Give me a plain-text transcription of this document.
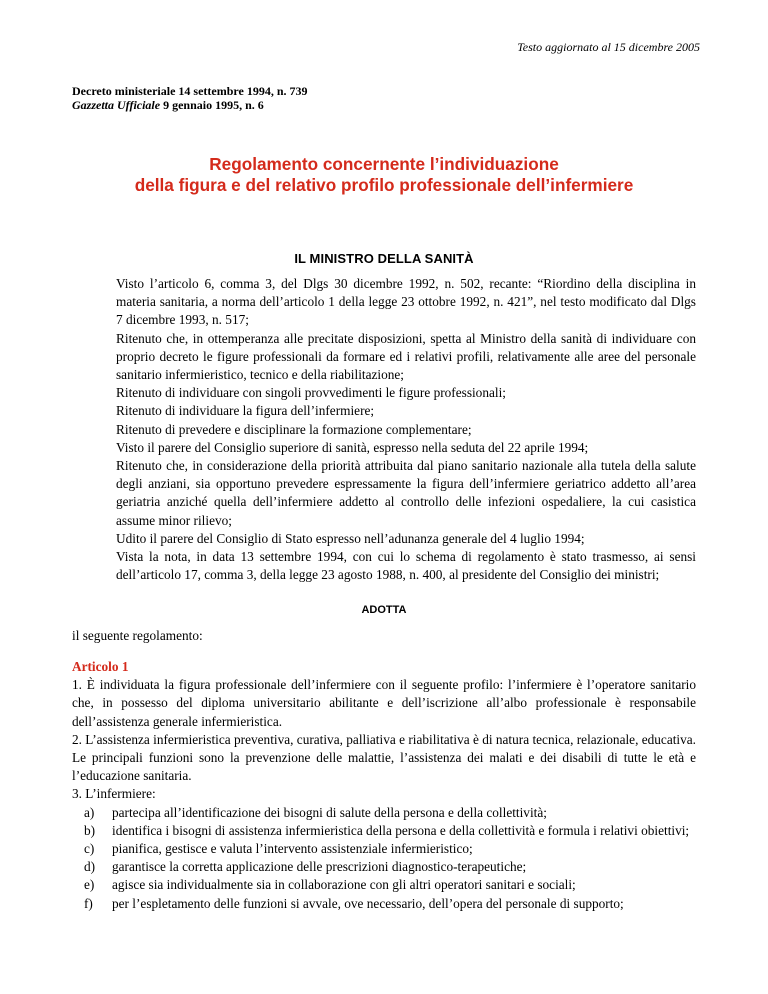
Testo aggiornato al 15 dicembre 2005
Decreto ministeriale 14 settembre 1994, n. 739
Gazzetta Ufficiale 9 gennaio 1995, n. 6
Regolamento concernente l’individuazione
della figura e del relativo profilo professionale dell’infermiere
IL MINISTRO DELLA SANITÀ

Visto l’articolo 6, comma 3, del Dlgs 30 dicembre 1992, n. 502, recante: “Riordino della disciplina in materia sanitaria, a norma dell’articolo 1 della legge 23 ottobre 1992, n. 421”, nel testo modificato dal Dlgs 7 dicembre 1993, n. 517;

Ritenuto che, in ottemperanza alle precitate disposizioni, spetta al Ministro della sanità di individuare con proprio decreto le figure professionali da formare ed i relativi profili, relativamente alle aree del personale sanitario infermieristico, tecnico e della riabilitazione;

Ritenuto di individuare con singoli provvedimenti le figure professionali;

Ritenuto di individuare la figura dell’infermiere;

Ritenuto di prevedere e disciplinare la formazione complementare;

Visto il parere del Consiglio superiore di sanità, espresso nella seduta del 22 aprile 1994;

Ritenuto che, in considerazione della priorità attribuita dal piano sanitario nazionale alla tutela della salute degli anziani, sia opportuno prevedere espressamente la figura dell’infermiere geriatrico addetto all’area geriatria anziché quella dell’infermiere addetto al controllo delle infezioni ospedaliere, la cui casistica assume minor rilievo;

Udito il parere del Consiglio di Stato espresso nell’adunanza generale del 4 luglio 1994;

Vista la nota, in data 13 settembre 1994, con cui lo schema di regolamento è stato trasmesso, ai sensi dell’articolo 17, comma 3, della legge 23 agosto 1988, n. 400, al presidente del Consiglio dei ministri;

ADOTTA
il seguente regolamento:

Articolo 1

1. È individuata la figura professionale dell’infermiere con il seguente profilo: l’infermiere è l’operatore sanitario che, in possesso del diploma universitario abilitante e dell’iscrizione all’albo professionale è responsabile dell’assistenza generale infermieristica.

2. L’assistenza infermieristica preventiva, curativa, palliativa e riabilitativa è di natura tecnica, relazionale, educativa. Le principali funzioni sono la prevenzione delle malattie, l’assistenza dei malati e dei disabili di tutte le età e l’educazione sanitaria.

3. L’infermiere:

a) partecipa all’identificazione dei bisogni di salute della persona e della collettività;
b) identifica i bisogni di assistenza infermieristica della persona e della collettività e formula i relativi obiettivi;
c) pianifica, gestisce e valuta l’intervento assistenziale infermieristico;
d) garantisce la corretta applicazione delle prescrizioni diagnostico-terapeutiche;
e) agisce sia individualmente sia in collaborazione con gli altri operatori sanitari e sociali;
f) per l’espletamento delle funzioni si avvale, ove necessario, dell’opera del personale di supporto;
